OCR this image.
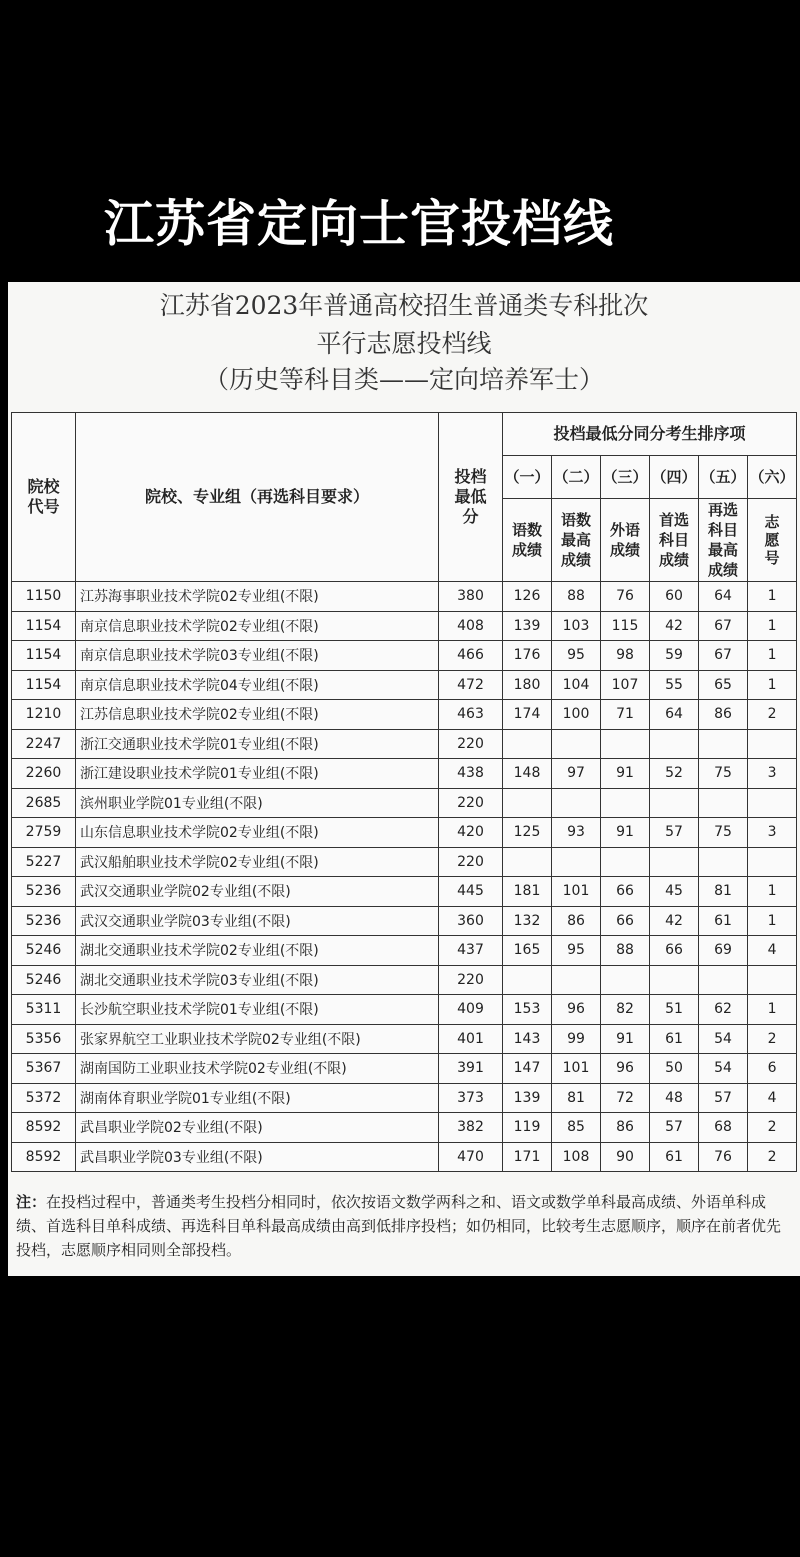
江苏省定向士官投档线
江苏省2023年普通高校招生普通类专科批次
平行志愿投档线
（历史等科目类——定向培养军士）
院校代号	院校、专业组（再选科目要求）	投档最低分	投档最低分同分考生排序项					
			（一）	（二）	（三）	（四）	（五）	（六）
			语数成绩	语数最高成绩	外语成绩	首选科目成绩	再选科目最高成绩	志愿号
1150	江苏海事职业技术学院02专业组(不限)	380	126	88	76	60	64	1
1154	南京信息职业技术学院02专业组(不限)	408	139	103	115	42	67	1
1154	南京信息职业技术学院03专业组(不限)	466	176	95	98	59	67	1
1154	南京信息职业技术学院04专业组(不限)	472	180	104	107	55	65	1
1210	江苏信息职业技术学院02专业组(不限)	463	174	100	71	64	86	2
2247	浙江交通职业技术学院01专业组(不限)	220						
2260	浙江建设职业技术学院01专业组(不限)	438	148	97	91	52	75	3
2685	滨州职业学院01专业组(不限)	220						
2759	山东信息职业技术学院02专业组(不限)	420	125	93	91	57	75	3
5227	武汉船舶职业技术学院02专业组(不限)	220						
5236	武汉交通职业学院02专业组(不限)	445	181	101	66	45	81	1
5236	武汉交通职业学院03专业组(不限)	360	132	86	66	42	61	1
5246	湖北交通职业技术学院02专业组(不限)	437	165	95	88	66	69	4
5246	湖北交通职业技术学院03专业组(不限)	220						
5311	长沙航空职业技术学院01专业组(不限)	409	153	96	82	51	62	1
5356	张家界航空工业职业技术学院02专业组(不限)	401	143	99	91	61	54	2
5367	湖南国防工业职业技术学院02专业组(不限)	391	147	101	96	50	54	6
5372	湖南体育职业学院01专业组(不限)	373	139	81	72	48	57	4
8592	武昌职业学院02专业组(不限)	382	119	85	86	57	68	2
8592	武昌职业学院03专业组(不限)	470	171	108	90	61	76	2
注：在投档过程中，普通类考生投档分相同时，依次按语文数学两科之和、语文或数学单科最高成绩、外语单科成绩、首选科目单科成绩、再选科目单科最高成绩由高到低排序投档；如仍相同，比较考生志愿顺序，顺序在前者优先投档，志愿顺序相同则全部投档。
